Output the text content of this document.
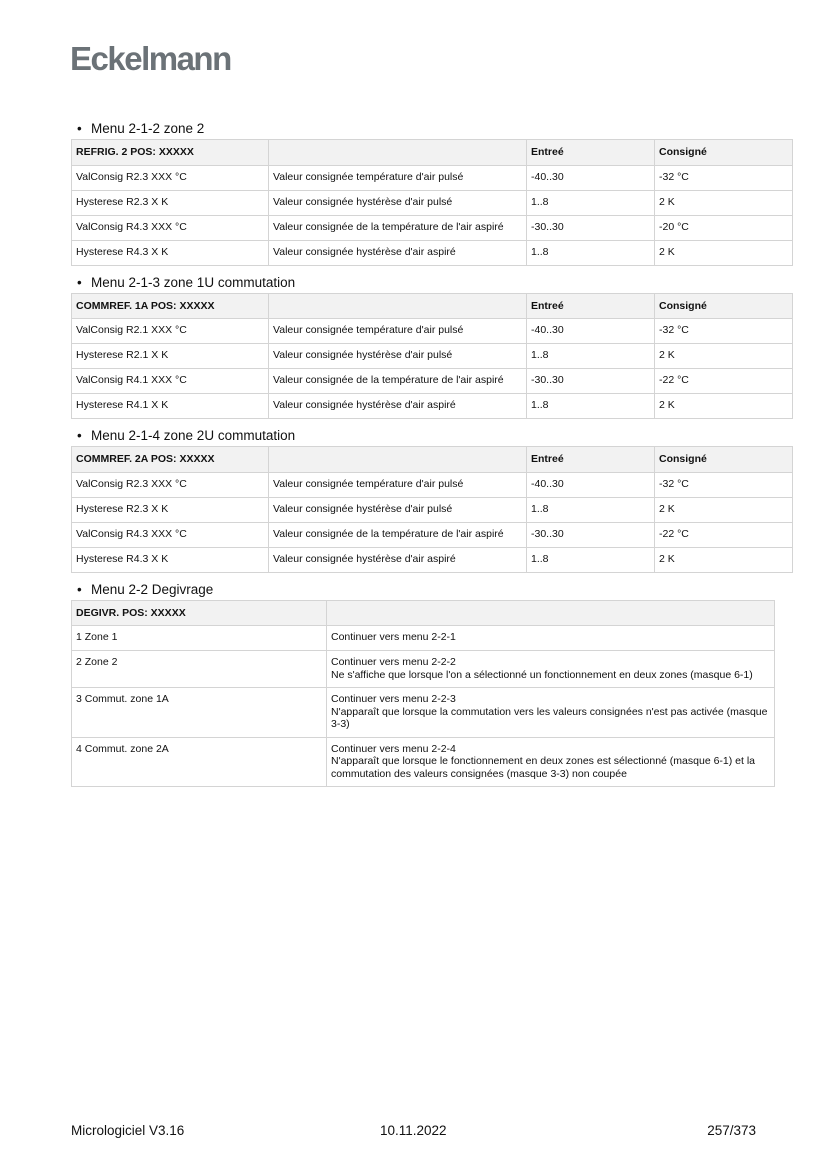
Eckelmann
• Menu 2-1-2 zone 2
REFRIG. 2 POS: XXXXX		Entreé	Consigné
ValConsig R2.3 XXX °C	Valeur consignée température d'air pulsé	-40..30	-32 °C
Hysterese R2.3 X K	Valeur consignée hystérèse d'air pulsé	1..8	2 K
ValConsig R4.3 XXX °C	Valeur consignée de la température de l'air aspiré	-30..30	-20 °C
Hysterese R4.3 X K	Valeur consignée hystérèse d'air aspiré	1..8	2 K
• Menu 2-1-3 zone 1U commutation
COMMREF. 1A POS: XXXXX		Entreé	Consigné
ValConsig R2.1 XXX °C	Valeur consignée température d'air pulsé	-40..30	-32 °C
Hysterese R2.1 X K	Valeur consignée hystérèse d'air pulsé	1..8	2 K
ValConsig R4.1 XXX °C	Valeur consignée de la température de l'air aspiré	-30..30	-22 °C
Hysterese R4.1 X K	Valeur consignée hystérèse d'air aspiré	1..8	2 K
• Menu 2-1-4 zone 2U commutation
COMMREF. 2A POS: XXXXX		Entreé	Consigné
ValConsig R2.3 XXX °C	Valeur consignée température d'air pulsé	-40..30	-32 °C
Hysterese R2.3 X K	Valeur consignée hystérèse d'air pulsé	1..8	2 K
ValConsig R4.3 XXX °C	Valeur consignée de la température de l'air aspiré	-30..30	-22 °C
Hysterese R4.3 X K	Valeur consignée hystérèse d'air aspiré	1..8	2 K
• Menu 2-2 Degivrage
DEGIVR. POS: XXXXX	
1 Zone 1	Continuer vers menu 2-2-1

2 Zone 2	Continuer vers menu 2-2-2
Ne s'affiche que lorsque l'on a sélectionné un fonctionnement en deux zones (masque 6-1)

3 Commut. zone 1A	Continuer vers menu 2-2-3
N'apparaît que lorsque la commutation vers les valeurs consignées n'est pas activée (masque 3-3)

4 Commut. zone 2A	Continuer vers menu 2-2-4
N'apparaît que lorsque le fonctionnement en deux zones est sélectionné (masque 6-1) et la commutation des valeurs consignées (masque 3-3) non coupée
Micrologiciel V3.16	10.11.2022	257/373
